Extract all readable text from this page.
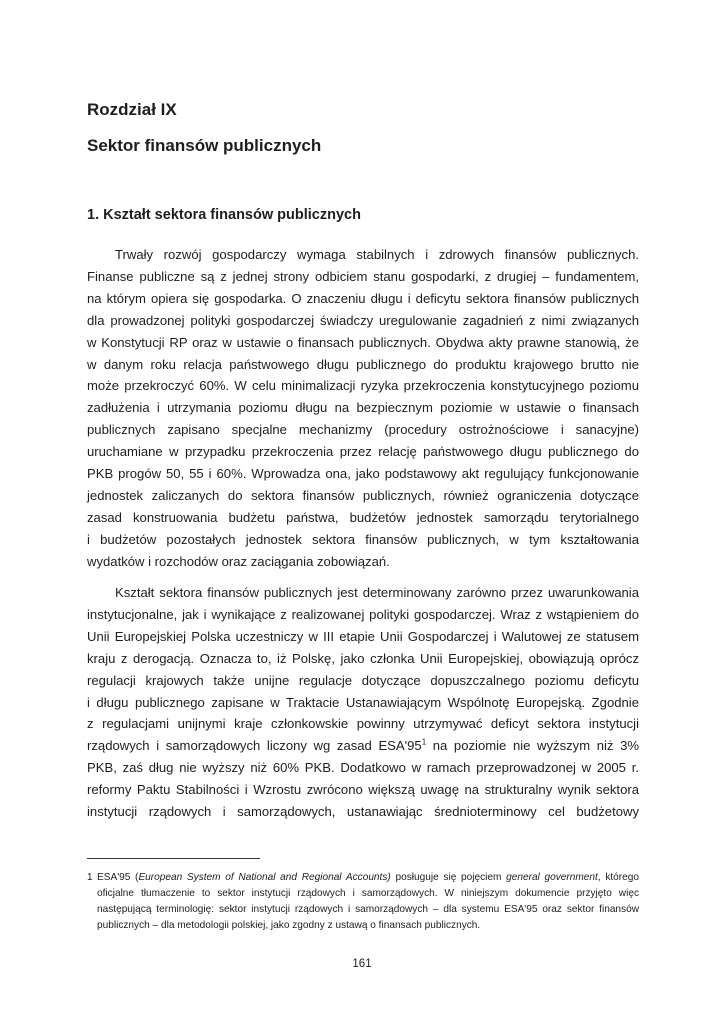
Rozdział IX
Sektor finansów publicznych
1. Kształt sektora finansów publicznych
Trwały rozwój gospodarczy wymaga stabilnych i zdrowych finansów publicznych.
Finanse publiczne są z jednej strony odbiciem stanu gospodarki, z drugiej – fundamentem,
na którym opiera się gospodarka. O znaczeniu długu i deficytu sektora finansów publicznych
dla prowadzonej polityki gospodarczej świadczy uregulowanie zagadnień z nimi związanych
w Konstytucji RP oraz w ustawie o finansach publicznych. Obydwa akty prawne stanowią, że
w danym roku relacja państwowego długu publicznego do produktu krajowego brutto nie
może przekroczyć 60%. W celu minimalizacji ryzyka przekroczenia konstytucyjnego poziomu
zadłużenia i utrzymania poziomu długu na bezpiecznym poziomie w ustawie o finansach
publicznych zapisano specjalne mechanizmy (procedury ostrożnościowe i sanacyjne)
uruchamiane w przypadku przekroczenia przez relację państwowego długu publicznego do
PKB progów 50, 55 i 60%. Wprowadza ona, jako podstawowy akt regulujący funkcjonowanie
jednostek zaliczanych do sektora finansów publicznych, również ograniczenia dotyczące
zasad konstruowania budżetu państwa, budżetów jednostek samorządu terytorialnego
i budżetów pozostałych jednostek sektora finansów publicznych, w tym kształtowania
wydatków i rozchodów oraz zaciągania zobowiązań.
Kształt sektora finansów publicznych jest determinowany zarówno przez uwarunkowania
instytucjonalne, jak i wynikające z realizowanej polityki gospodarczej. Wraz z wstąpieniem do
Unii Europejskiej Polska uczestniczy w III etapie Unii Gospodarczej i Walutowej ze statusem
kraju z derogacją. Oznacza to, iż Polskę, jako członka Unii Europejskiej, obowiązują oprócz
regulacji krajowych także unijne regulacje dotyczące dopuszczalnego poziomu deficytu
i długu publicznego zapisane w Traktacie Ustanawiającym Wspólnotę Europejską. Zgodnie
z regulacjami unijnymi kraje członkowskie powinny utrzymywać deficyt sektora instytucji
rządowych i samorządowych liczony wg zasad ESA'95$^1$ na poziomie nie wyższym niż 3%
PKB, zaś dług nie wyższy niż 60% PKB. Dodatkowo w ramach przeprowadzonej w 2005 r.
reformy Paktu Stabilności i Wzrostu zwrócono większą uwagę na strukturalny wynik sektora
instytucji rządowych i samorządowych, ustanawiając średnioterminowy cel budżetowy
1 ESA'95 (European System of National and Regional Accounts) posługuje się pojęciem general government, którego oficjalne tłumaczenie to sektor instytucji rządowych i samorządowych. W niniejszym dokumencie przyjęto więc następującą terminologię: sektor instytucji rządowych i samorządowych – dla systemu ESA'95 oraz sektor finansów publicznych – dla metodologii polskiej, jako zgodny z ustawą o finansach publicznych.

161
